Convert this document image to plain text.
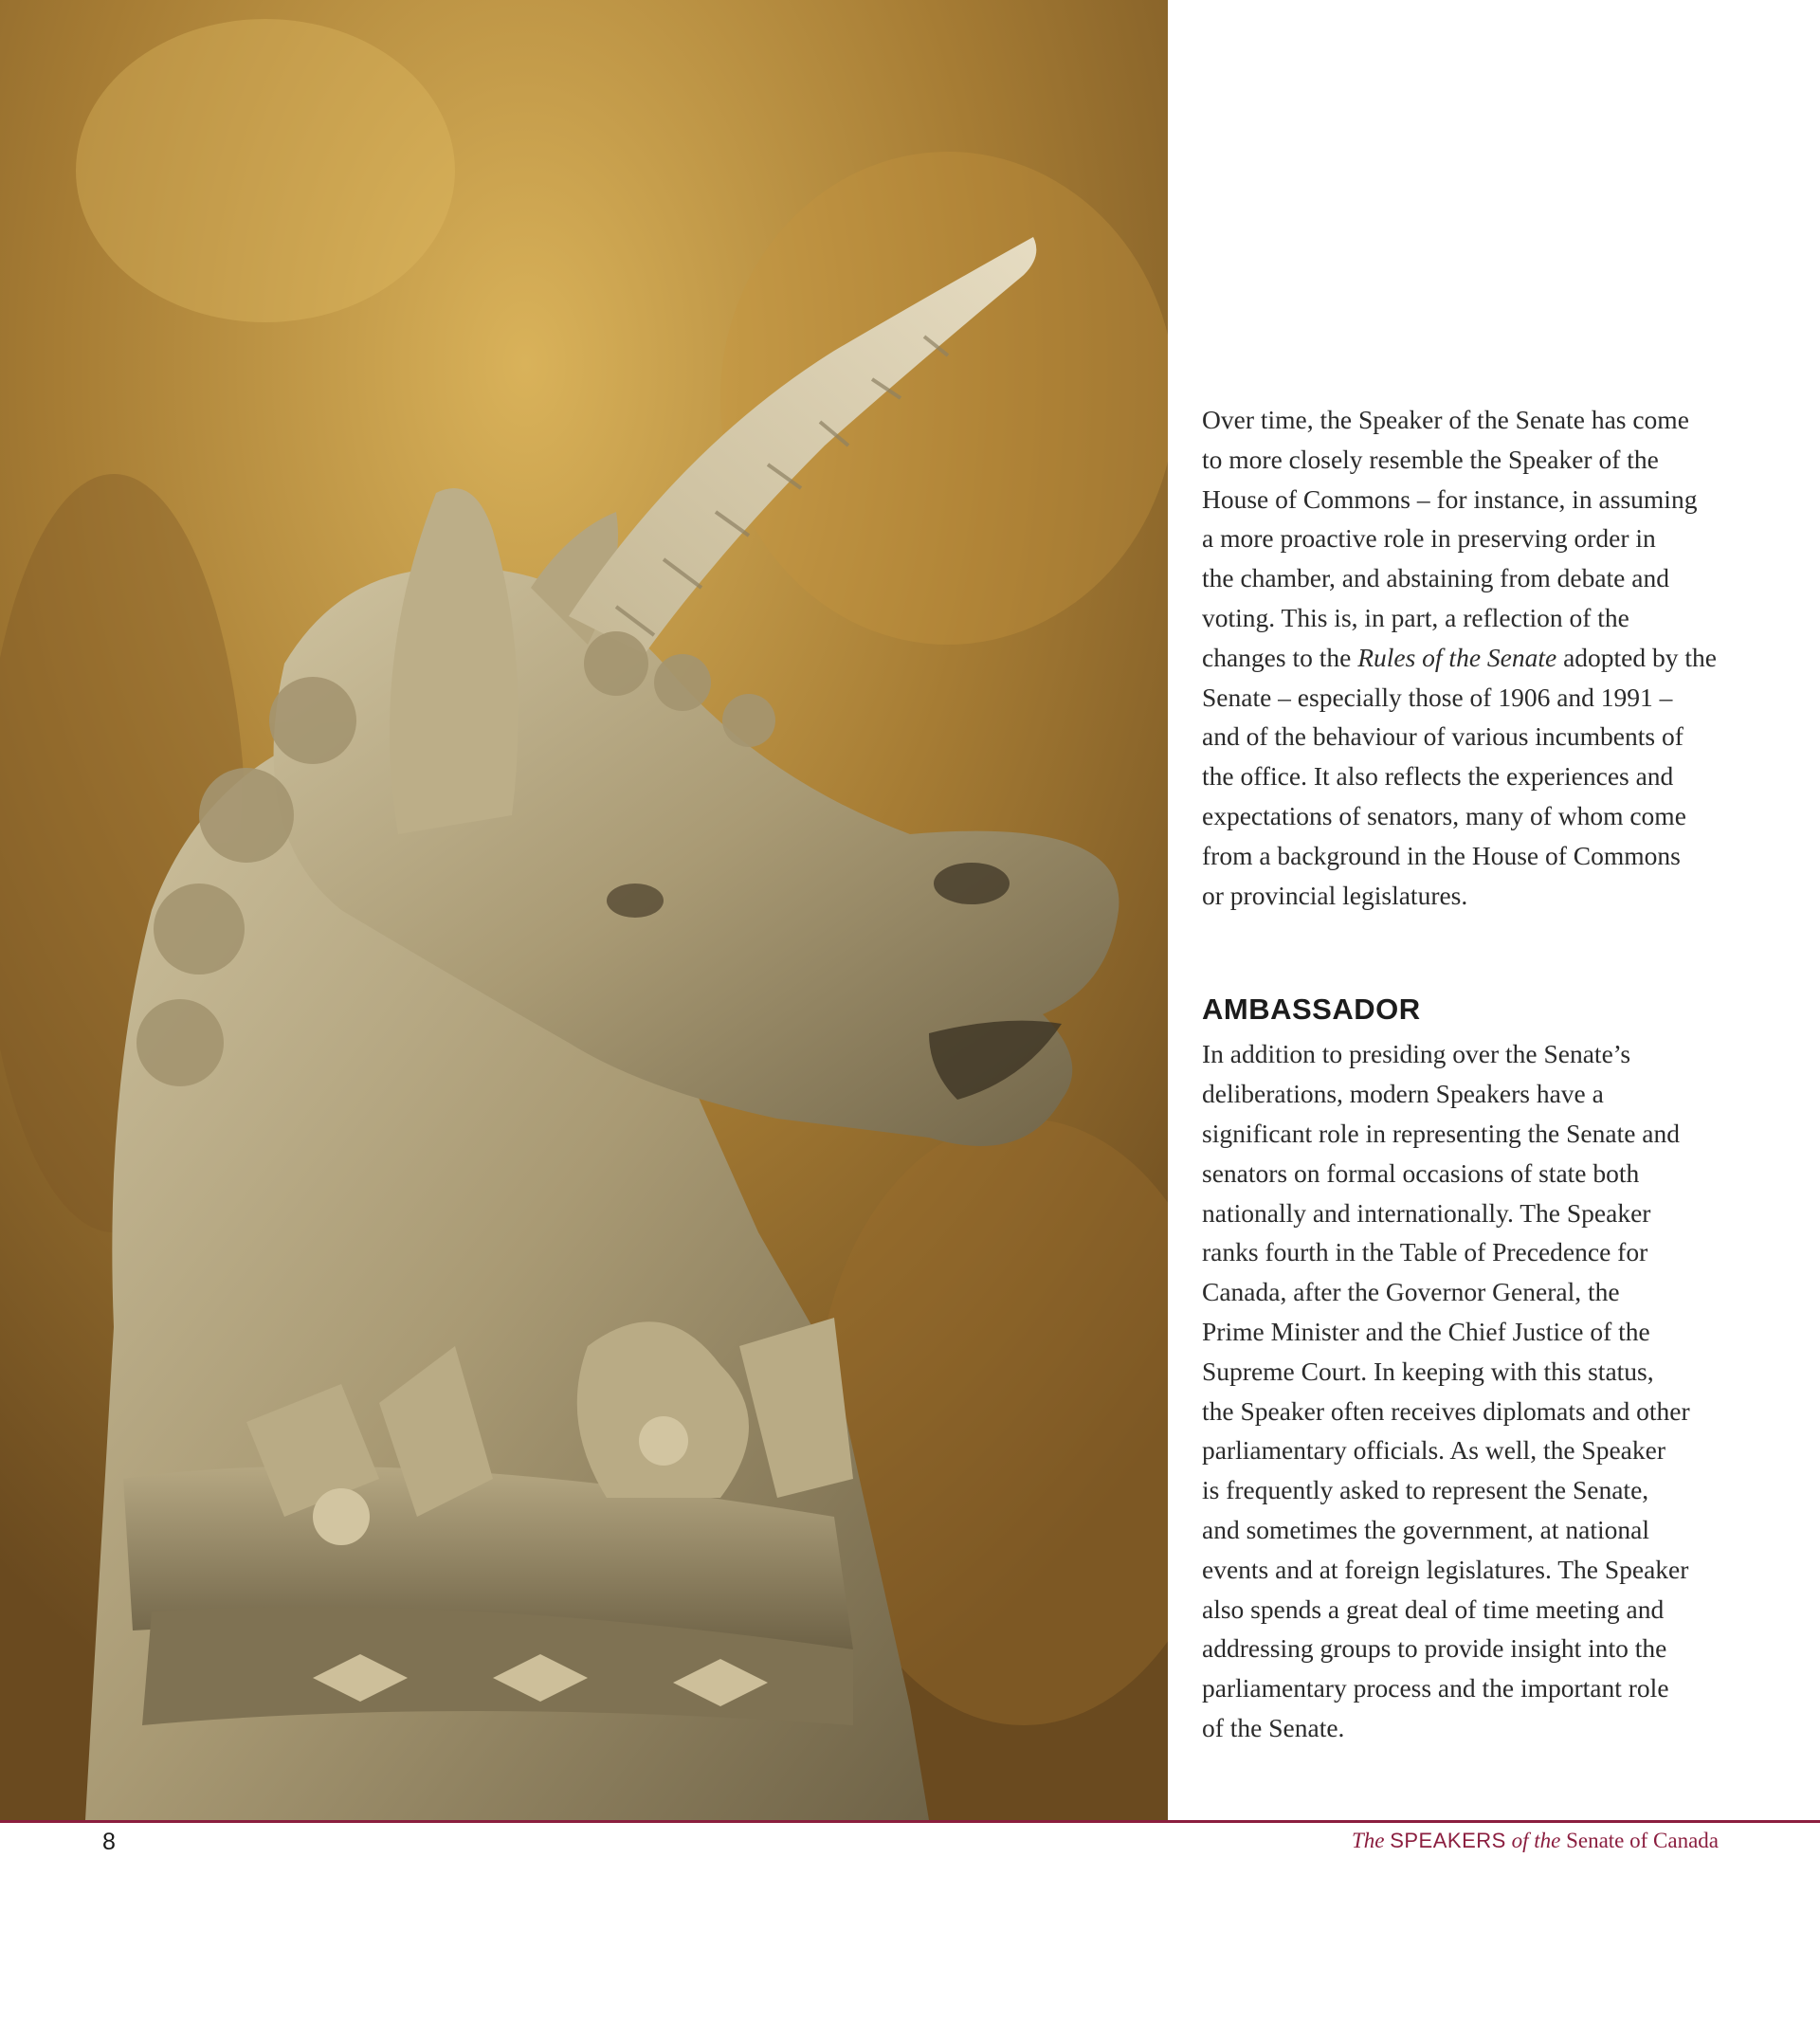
Over time, the Speaker of the Senate has come
to more closely resemble the Speaker of the
House of Commons – for instance, in assuming
a more proactive role in preserving order in
the chamber, and abstaining from debate and
voting. This is, in part, a reflection of the
changes to the Rules of the Senate adopted by the
Senate – especially those of 1906 and 1991 –
and of the behaviour of various incumbents of
the office. It also reflects the experiences and
expectations of senators, many of whom come
from a background in the House of Commons
or provincial legislatures.

AMBASSADOR

In addition to presiding over the Senate’s
deliberations, modern Speakers have a
significant role in representing the Senate and
senators on formal occasions of state both
nationally and internationally. The Speaker
ranks fourth in the Table of Precedence for
Canada, after the Governor General, the
Prime Minister and the Chief Justice of the
Supreme Court. In keeping with this status,
the Speaker often receives diplomats and other
parliamentary officials. As well, the Speaker
is frequently asked to represent the Senate,
and sometimes the government, at national
events and at foreign legislatures. The Speaker
also spends a great deal of time meeting and
addressing groups to provide insight into the
parliamentary process and the important role
of the Senate.

8	The SPEAKERS of the Senate of Canada
